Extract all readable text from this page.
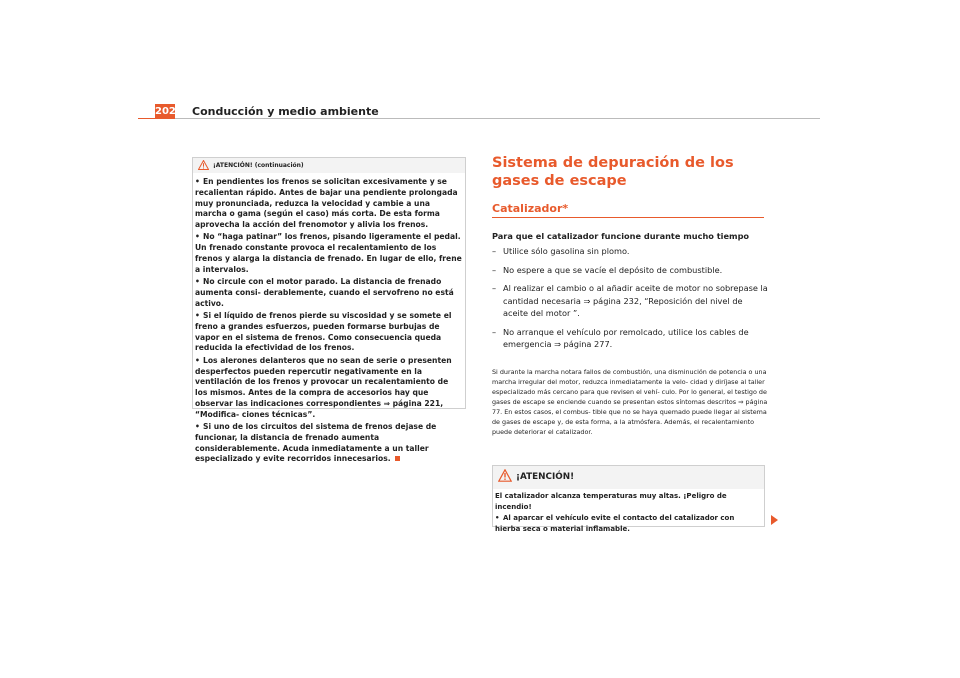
202 Conducción y medio ambiente
¡ATENCIÓN! (continuación)

• En pendientes los frenos se solicitan excesivamente y se recalientan rápido. Antes de bajar una pendiente prolongada muy pronunciada, reduzca la velocidad y cambie a una marcha o gama (según el caso) más corta. De esta forma aprovecha la acción del frenomotor y alivia los frenos.

• No “haga patinar” los frenos, pisando ligeramente el pedal. Un frenado constante provoca el recalentamiento de los frenos y alarga la distancia de frenado. En lugar de ello, frene a intervalos.

• No circule con el motor parado. La distancia de frenado aumenta consi- derablemente, cuando el servofreno no está activo.

• Si el líquido de frenos pierde su viscosidad y se somete el freno a grandes esfuerzos, pueden formarse burbujas de vapor en el sistema de frenos. Como consecuencia queda reducida la efectividad de los frenos.

• Los alerones delanteros que no sean de serie o presenten desperfectos pueden repercutir negativamente en la ventilación de los frenos y provocar un recalentamiento de los mismos. Antes de la compra de accesorios hay que observar las indicaciones correspondientes ⇒ página 221, “Modifica- ciones técnicas”.

• Si uno de los circuitos del sistema de frenos dejase de funcionar, la distancia de frenado aumenta considerablemente. Acuda inmediatamente a un taller especializado y evite recorridos innecesarios.

Sistema de depuración de los gases de escape
Catalizador*
Para que el catalizador funcione durante mucho tiempo
– Utilice sólo gasolina sin plomo.
– No espere a que se vacíe el depósito de combustible.
– Al realizar el cambio o al añadir aceite de motor no sobrepase la cantidad necesaria ⇒ página 232, “Reposición del nivel de aceite del motor ”.
– No arranque el vehículo por remolcado, utilice los cables de emergencia ⇒ página 277.

Si durante la marcha notara fallos de combustión, una disminución de potencia o una marcha irregular del motor, reduzca inmediatamente la velo- cidad y diríjase al taller especializado más cercano para que revisen el vehí- culo. Por lo general, el testigo de gases de escape se enciende cuando se presentan estos síntomas descritos ⇒ página 77. En estos casos, el combus- tible que no se haya quemado puede llegar al sistema de gases de escape y, de esta forma, a la atmósfera. Además, el recalentamiento puede deteriorar el catalizador.

¡ATENCIÓN!

El catalizador alcanza temperaturas muy altas. ¡Peligro de incendio!

• Al aparcar el vehículo evite el contacto del catalizador con hierba seca o material inflamable.
